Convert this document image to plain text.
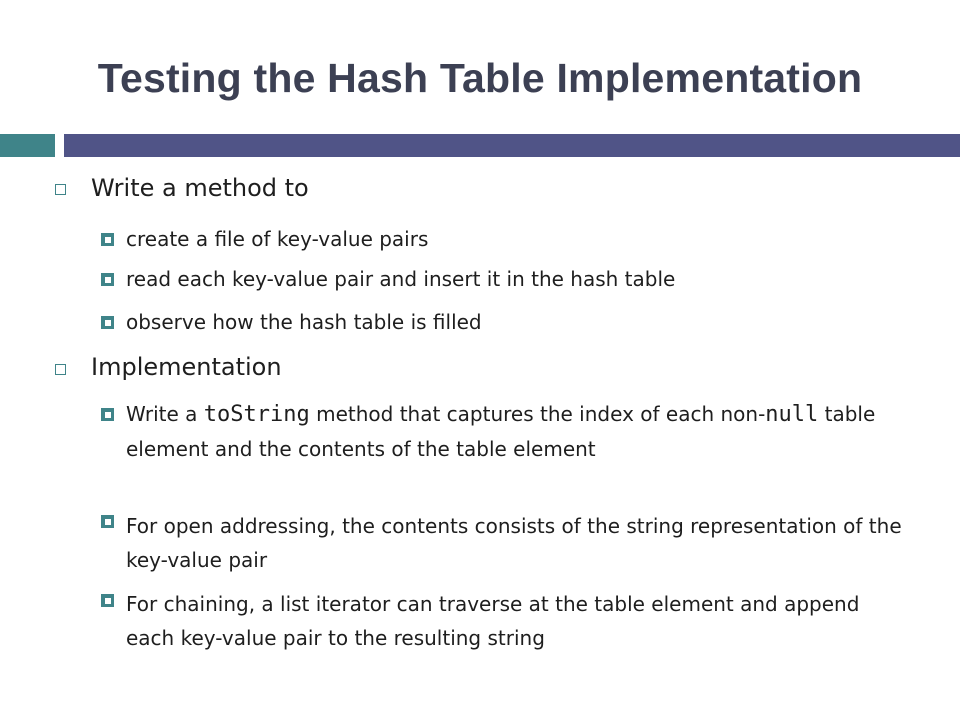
Testing the Hash Table Implementation
Write a method to
create a file of key-value pairs
read each key-value pair and insert it in the hash table
observe how the hash table is filled
Implementation
Write a toString method that captures the index of each non-null table element and the contents of the table element
For open addressing, the contents consists of the string representation of the key-value pair
For chaining, a list iterator can traverse at the table element and append each key-value pair to the resulting string
